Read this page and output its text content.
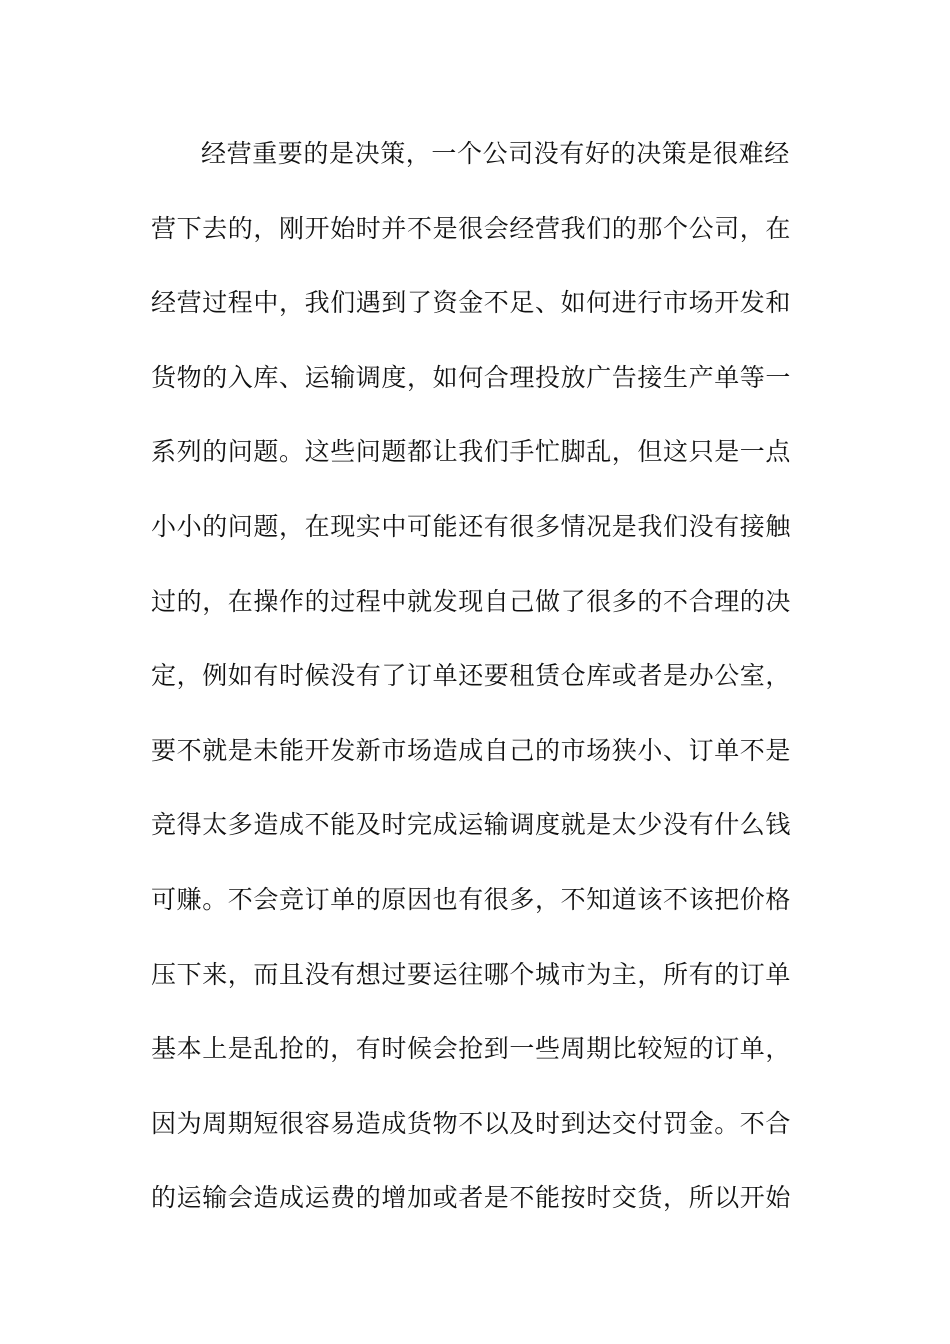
经营重要的是决策，一个公司没有好的决策是很难经
营下去的，刚开始时并不是很会经营我们的那个公司，在
经营过程中，我们遇到了资金不足、如何进行市场开发和
货物的入库、运输调度，如何合理投放广告接生产单等一
系列的问题。这些问题都让我们手忙脚乱，但这只是一点
小小的问题，在现实中可能还有很多情况是我们没有接触
过的，在操作的过程中就发现自己做了很多的不合理的决
定，例如有时候没有了订单还要租赁仓库或者是办公室，
要不就是未能开发新市场造成自己的市场狭小、订单不是
竞得太多造成不能及时完成运输调度就是太少没有什么钱
可赚。不会竞订单的原因也有很多，不知道该不该把价格
压下来，而且没有想过要运往哪个城市为主，所有的订单
基本上是乱抢的，有时候会抢到一些周期比较短的订单，
因为周期短很容易造成货物不以及时到达交付罚金。不合
的运输会造成运费的增加或者是不能按时交货，所以开始
